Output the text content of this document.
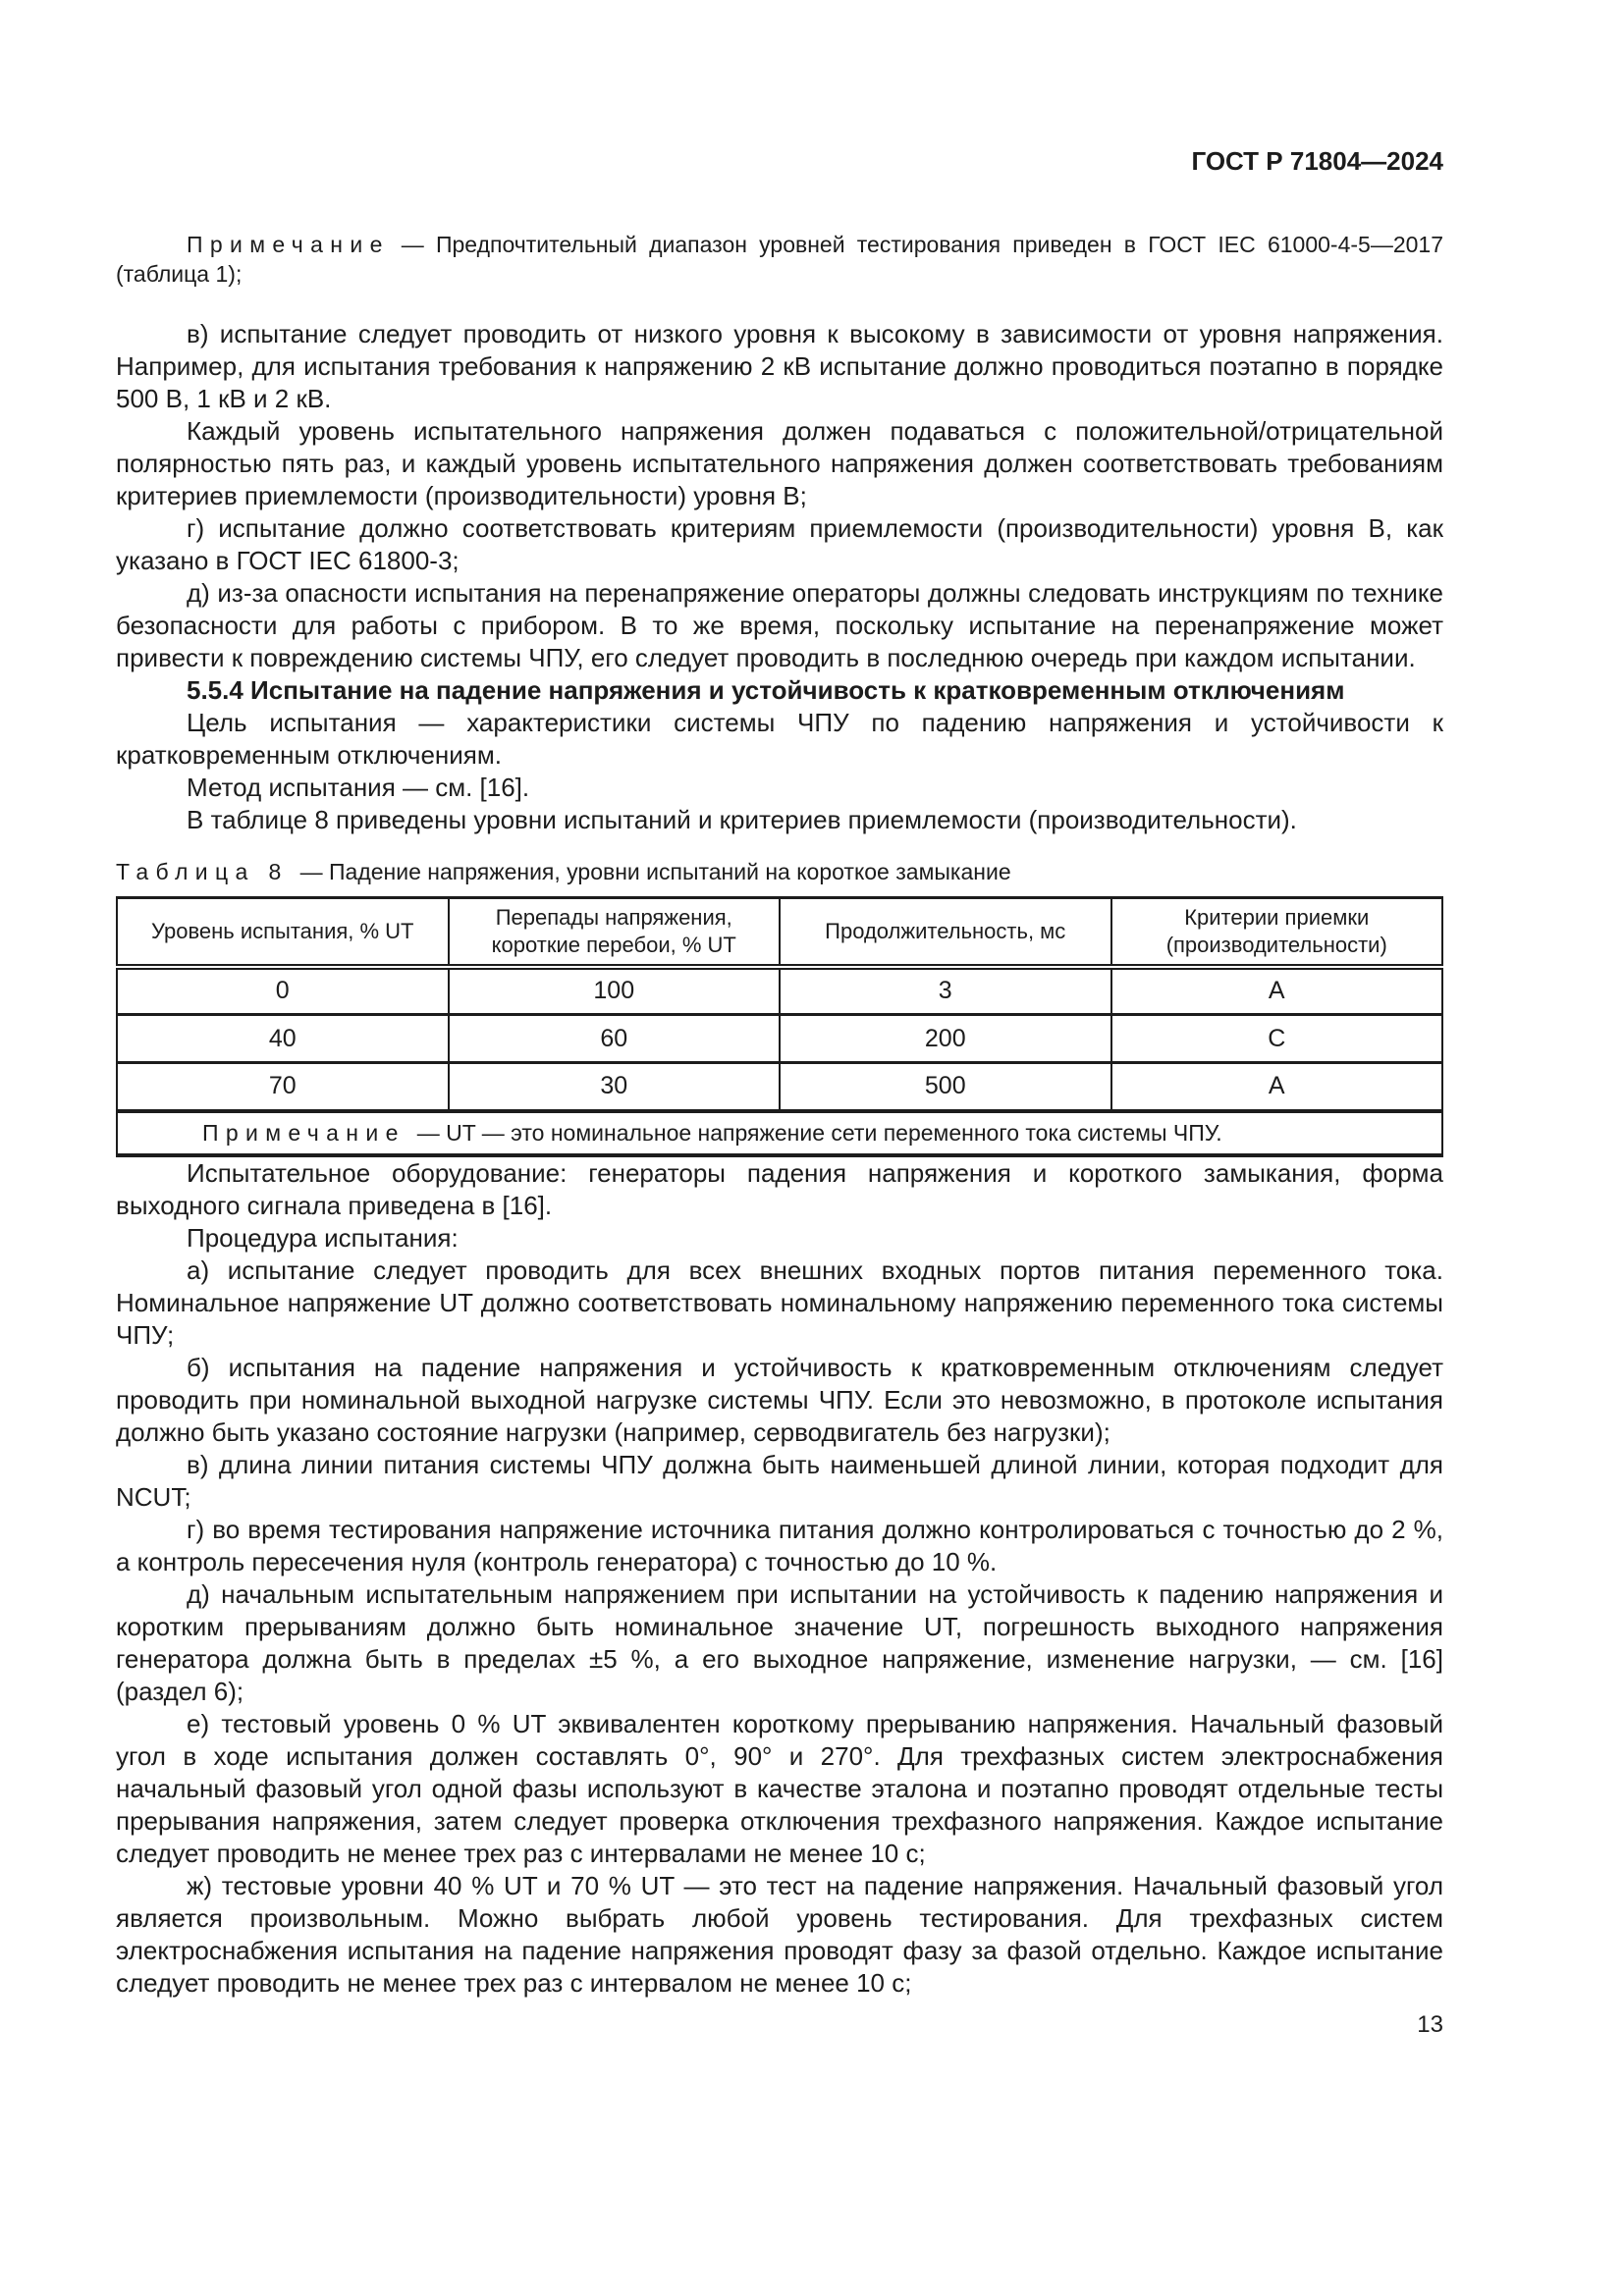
ГОСТ Р 71804—2024

Примечание — Предпочтительный диапазон уровней тестирования приведен в ГОСТ IEC 61000-4-5—2017 (таблица 1);

в) испытание следует проводить от низкого уровня к высокому в зависимости от уровня напряжения. Например, для испытания требования к напряжению 2 кВ испытание должно проводиться поэтапно в порядке 500 В, 1 кВ и 2 кВ.

Каждый уровень испытательного напряжения должен подаваться с положительной/отрицательной полярностью пять раз, и каждый уровень испытательного напряжения должен соответствовать требованиям критериев приемлемости (производительности) уровня В;

г) испытание должно соответствовать критериям приемлемости (производительности) уровня В, как указано в ГОСТ IEC 61800-3;

д) из-за опасности испытания на перенапряжение операторы должны следовать инструкциям по технике безопасности для работы с прибором. В то же время, поскольку испытание на перенапряжение может привести к повреждению системы ЧПУ, его следует проводить в последнюю очередь при каждом испытании.

5.5.4 Испытание на падение напряжения и устойчивость к кратковременным отключениям

Цель испытания — характеристики системы ЧПУ по падению напряжения и устойчивости к кратковременным отключениям.

Метод испытания — см. [16].

В таблице 8 приведены уровни испытаний и критериев приемлемости (производительности).

Таблица 8 — Падение напряжения, уровни испытаний на короткое замыкание
Уровень испытания, % UT	Перепады напряжения, короткие перебои, % UT	Продолжительность, мс	Критерии приемки (производительности)
0	100	3	А
40	60	200	С
70	30	500	А
Примечание — UT — это номинальное напряжение сети переменного тока системы ЧПУ.			

Испытательное оборудование: генераторы падения напряжения и короткого замыкания, форма выходного сигнала приведена в [16].

Процедура испытания:

а) испытание следует проводить для всех внешних входных портов питания переменного тока. Номинальное напряжение UT должно соответствовать номинальному напряжению переменного тока системы ЧПУ;

б) испытания на падение напряжения и устойчивость к кратковременным отключениям следует проводить при номинальной выходной нагрузке системы ЧПУ. Если это невозможно, в протоколе испытания должно быть указано состояние нагрузки (например, серводвигатель без нагрузки);

в) длина линии питания системы ЧПУ должна быть наименьшей длиной линии, которая подходит для NCUT;

г) во время тестирования напряжение источника питания должно контролироваться с точностью до 2 %, а контроль пересечения нуля (контроль генератора) с точностью до 10 %.

д) начальным испытательным напряжением при испытании на устойчивость к падению напряжения и коротким прерываниям должно быть номинальное значение UT, погрешность выходного напряжения генератора должна быть в пределах ±5 %, а его выходное напряжение, изменение нагрузки, — см. [16] (раздел 6);

е) тестовый уровень 0 % UT эквивалентен короткому прерыванию напряжения. Начальный фазовый угол в ходе испытания должен составлять 0°, 90° и 270°. Для трехфазных систем электроснабжения начальный фазовый угол одной фазы используют в качестве эталона и поэтапно проводят отдельные тесты прерывания напряжения, затем следует проверка отключения трехфазного напряжения. Каждое испытание следует проводить не менее трех раз с интервалами не менее 10 с;

ж) тестовые уровни 40 % UT и 70 % UT — это тест на падение напряжения. Начальный фазовый угол является произвольным. Можно выбрать любой уровень тестирования. Для трехфазных систем электроснабжения испытания на падение напряжения проводят фазу за фазой отдельно. Каждое испытание следует проводить не менее трех раз с интервалом не менее 10 с;

13
